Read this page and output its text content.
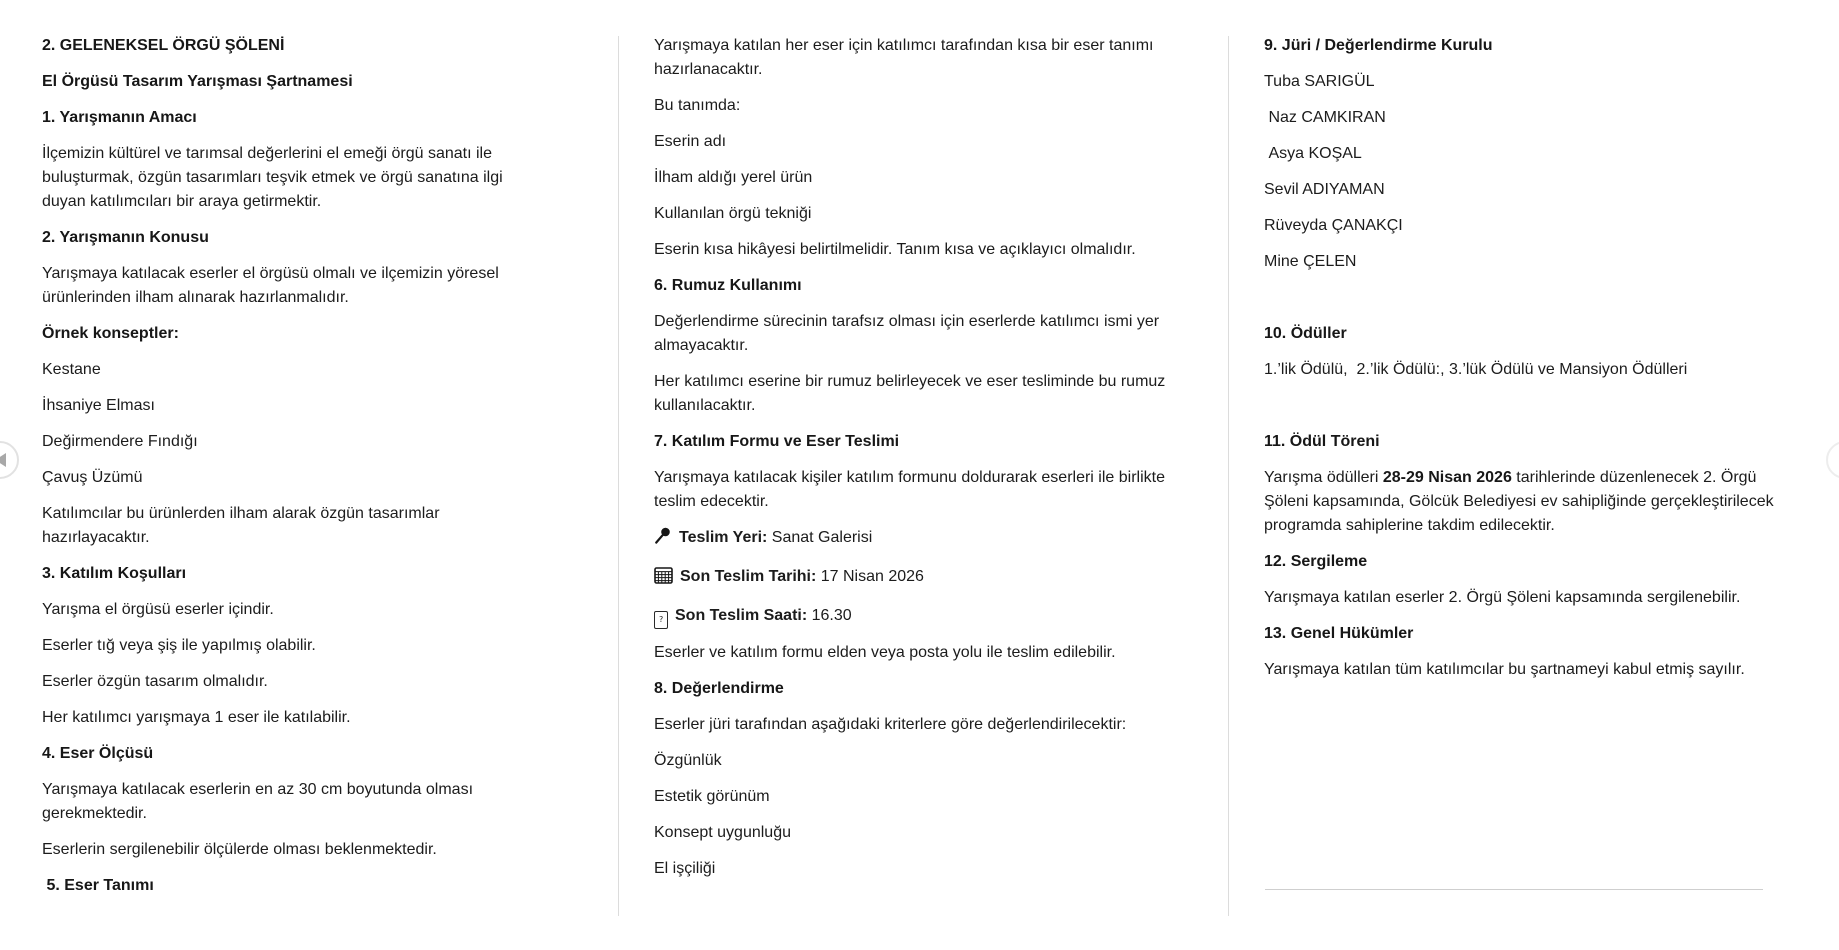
2. GELENEKSEL ÖRGÜ ŞÖLENİ
El Örgüsü Tasarım Yarışması Şartnamesi
1. Yarışmanın Amacı
İlçemizin kültürel ve tarımsal değerlerini el emeği örgü sanatı ile buluşturmak, özgün tasarımları teşvik etmek ve örgü sanatına ilgi duyan katılımcıları bir araya getirmektir.
2. Yarışmanın Konusu
Yarışmaya katılacak eserler el örgüsü olmalı ve ilçemizin yöresel ürünlerinden ilham alınarak hazırlanmalıdır.
Örnek konseptler:
Kestane
İhsaniye Elması
Değirmendere Fındığı
Çavuş Üzümü
Katılımcılar bu ürünlerden ilham alarak özgün tasarımlar hazırlayacaktır.
3. Katılım Koşulları
Yarışma el örgüsü eserler içindir.
Eserler tığ veya şiş ile yapılmış olabilir.
Eserler özgün tasarım olmalıdır.
Her katılımcı yarışmaya 1 eser ile katılabilir.
4. Eser Ölçüsü
Yarışmaya katılacak eserlerin en az 30 cm boyutunda olması gerekmektedir.
Eserlerin sergilenebilir ölçülerde olması beklenmektedir.
5. Eser Tanımı
Yarışmaya katılan her eser için katılımcı tarafından kısa bir eser tanımı hazırlanacaktır.
Bu tanımda:
Eserin adı
İlham aldığı yerel ürün
Kullanılan örgü tekniği
Eserin kısa hikâyesi belirtilmelidir. Tanım kısa ve açıklayıcı olmalıdır.
6. Rumuz Kullanımı
Değerlendirme sürecinin tarafsız olması için eserlerde katılımcı ismi yer almayacaktır.
Her katılımcı eserine bir rumuz belirleyecek ve eser tesliminde bu rumuz kullanılacaktır.
7. Katılım Formu ve Eser Teslimi
Yarışmaya katılacak kişiler katılım formunu doldurarak eserleri ile birlikte teslim edecektir.
Teslim Yeri: Sanat Galerisi
Son Teslim Tarihi: 17 Nisan 2026
? Son Teslim Saati: 16.30
Eserler ve katılım formu elden veya posta yolu ile teslim edilebilir.
8. Değerlendirme
Eserler jüri tarafından aşağıdaki kriterlere göre değerlendirilecektir:
Özgünlük
Estetik görünüm
Konsept uygunluğu
El işçiliği
9. Jüri / Değerlendirme Kurulu
Tuba SARIGÜL
Naz CAMKIRAN
Asya KOŞAL
Sevil ADIYAMAN
Rüveyda ÇANAKÇI
Mine ÇELEN
10. Ödüller
1.’lik Ödülü,  2.’lik Ödülü:, 3.’lük Ödülü ve Mansiyon Ödülleri
11. Ödül Töreni
Yarışma ödülleri 28-29 Nisan 2026 tarihlerinde düzenlenecek 2. Örgü Şöleni kapsamında, Gölcük Belediyesi ev sahipliğinde gerçekleştirilecek programda sahiplerine takdim edilecektir.
12. Sergileme
Yarışmaya katılan eserler 2. Örgü Şöleni kapsamında sergilenebilir.
13. Genel Hükümler
Yarışmaya katılan tüm katılımcılar bu şartnameyi kabul etmiş sayılır.
